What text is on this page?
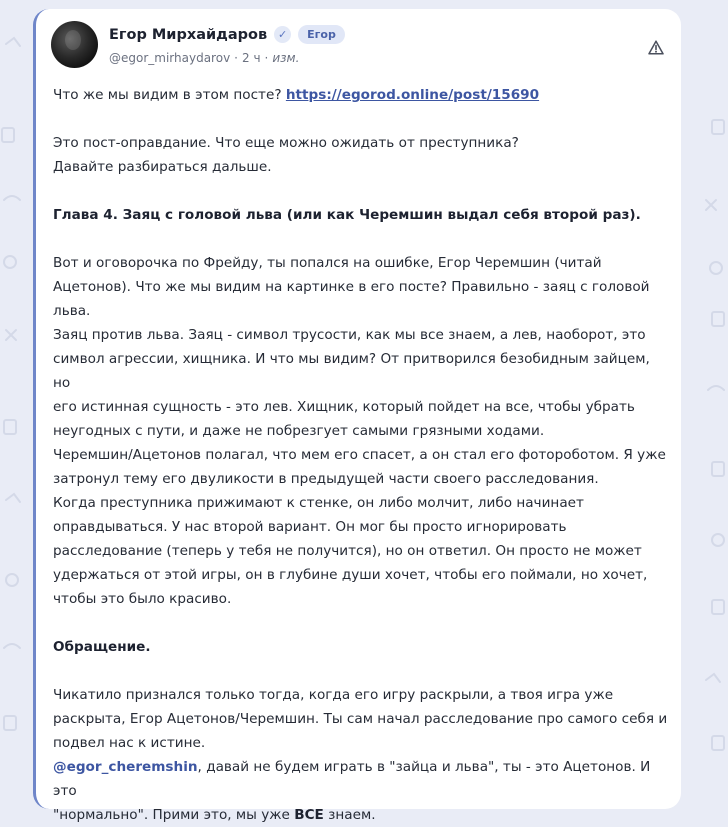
Егор Мирхайдаров ✓	Егор
@egor_mirhaydarov · 2 ч · изм.

Что же мы видим в этом посте? https://egorod.online/post/15690

Это пост-оправдание. Что еще можно ожидать от преступника?
Давайте разбираться дальше.

Глава 4. Заяц с головой льва (или как Черемшин выдал себя второй раз).

Вот и оговорочка по Фрейду, ты попался на ошибке, Егор Черемшин (читай
Ацетонов). Что же мы видим на картинке в его посте? Правильно - заяц с головой
льва.

Заяц против льва. Заяц - символ трусости, как мы все знаем, а лев, наоборот, это
символ агрессии, хищника. И что мы видим? От притворился безобидным зайцем, но
его истинная сущность - это лев. Хищник, который пойдет на все, чтобы убрать
неугодных с пути, и даже не побрезгует самыми грязными ходами.

Черемшин/Ацетонов полагал, что мем его спасет, а он стал его фотороботом. Я уже
затронул тему его двуликости в предыдущей части своего расследования.

Когда преступника прижимают к стенке, он либо молчит, либо начинает
оправдываться. У нас второй вариант. Он мог бы просто игнорировать
расследование (теперь у тебя не получится), но он ответил. Он просто не может
удержаться от этой игры, он в глубине души хочет, чтобы его поймали, но хочет,
чтобы это было красиво.

Обращение.

Чикатило признался только тогда, когда его игру раскрыли, а твоя игра уже
раскрыта, Егор Ацетонов/Черемшин. Ты сам начал расследование про самого себя и
подвел нас к истине.

@egor_cheremshin, давай не будем играть в "зайца и льва", ты - это Ацетонов. И это
"нормально". Прими это, мы уже ВСЕ знаем.
